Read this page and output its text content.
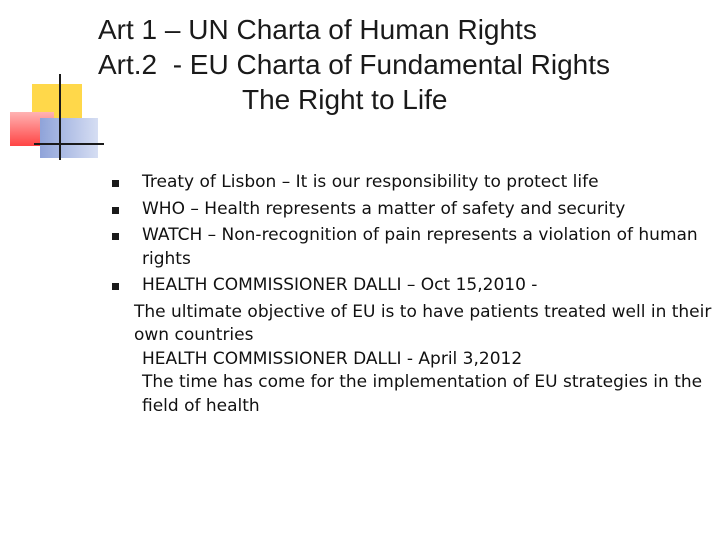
Art 1 – UN Charta of Human Rights
Art.2  - EU Charta of Fundamental Rights
The Right to Life
Treaty of Lisbon – It is our responsibility to protect life
WHO – Health represents a matter of safety and security
WATCH – Non-recognition of pain represents a violation of human rights
HEALTH COMMISSIONER DALLI – Oct 15,2010 -
The ultimate objective of EU is to have patients treated well in their own countries
HEALTH COMMISSIONER DALLI - April 3,2012
The time has come for the implementation of EU strategies in the field of health
